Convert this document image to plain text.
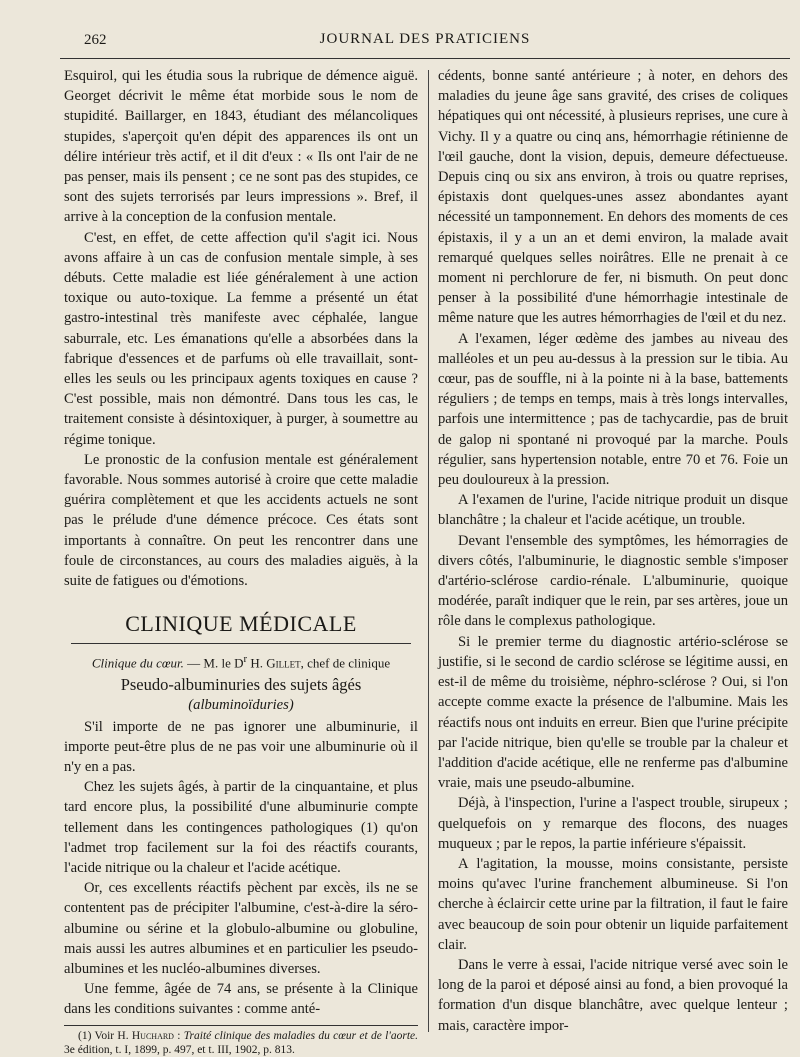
262	JOURNAL DES PRATICIENS

Esquirol, qui les étudia sous la rubrique de démence aiguë. Georget décrivit le même état morbide sous le nom de stupidité. Baillarger, en 1843, étudiant des mélancoliques stupides, s'aperçoit qu'en dépit des apparences ils ont un délire intérieur très actif, et il dit d'eux : « Ils ont l'air de ne pas penser, mais ils pensent ; ce ne sont pas des stupides, ce sont des sujets terrorisés par leurs impressions ». Bref, il arrive à la conception de la confusion mentale.

C'est, en effet, de cette affection qu'il s'agit ici. Nous avons affaire à un cas de confusion mentale simple, à ses débuts. Cette maladie est liée généralement à une action toxique ou auto-toxique. La femme a présenté un état gastro-intestinal très manifeste avec céphalée, langue saburrale, etc. Les émanations qu'elle a absorbées dans la fabrique d'essences et de parfums où elle travaillait, sont-elles les seuls ou les principaux agents toxiques en cause ? C'est possible, mais non démontré. Dans tous les cas, le traitement consiste à désintoxiquer, à purger, à soumettre au régime tonique.

Le pronostic de la confusion mentale est généralement favorable. Nous sommes autorisé à croire que cette maladie guérira complètement et que les accidents actuels ne sont pas le prélude d'une démence précoce. Ces états sont importants à connaître. On peut les rencontrer dans une foule de circonstances, au cours des maladies aiguës, à la suite de fatigues ou d'émotions.

CLINIQUE MÉDICALE
Clinique du cœur. — M. le $D^r$ H. Gillet, chef de clinique
Pseudo-albuminuries des sujets âgés
(albuminoïduries)

S'il importe de ne pas ignorer une albuminurie, il importe peut-être plus de ne pas voir une albuminurie où il n'y en a pas.

Chez les sujets âgés, à partir de la cinquantaine, et plus tard encore plus, la possibilité d'une albuminurie compte tellement dans les contingences pathologiques (1) qu'on l'admet trop facilement sur la foi des réactifs courants, l'acide nitrique ou la chaleur et l'acide acétique.

Or, ces excellents réactifs pèchent par excès, ils ne se contentent pas de précipiter l'albumine, c'est-à-dire la séro-albumine ou sérine et la globulo-albumine ou globuline, mais aussi les autres albumines et en particulier les pseudo-albumines et les nucléo-albumines diverses.

Une femme, âgée de 74 ans, se présente à la Clinique dans les conditions suivantes : comme anté-

(1) Voir H. Huchard : Traité clinique des maladies du cœur et de l'aorte. 3e édition, t. I, 1899, p. 497, et t. III, 1902, p. 813.

cédents, bonne santé antérieure ; à noter, en dehors des maladies du jeune âge sans gravité, des crises de coliques hépatiques qui ont nécessité, à plusieurs reprises, une cure à Vichy. Il y a quatre ou cinq ans, hémorrhagie rétinienne de l'œil gauche, dont la vision, depuis, demeure défectueuse. Depuis cinq ou six ans environ, à trois ou quatre reprises, épistaxis dont quelques-unes assez abondantes ayant nécessité un tamponnement. En dehors des moments de ces épistaxis, il y a un an et demi environ, la malade avait remarqué quelques selles noirâtres. Elle ne prenait à ce moment ni perchlorure de fer, ni bismuth. On peut donc penser à la possibilité d'une hémorrhagie intestinale de même nature que les autres hémorrhagies de l'œil et du nez.

A l'examen, léger œdème des jambes au niveau des malléoles et un peu au-dessus à la pression sur le tibia. Au cœur, pas de souffle, ni à la pointe ni à la base, battements réguliers ; de temps en temps, mais à très longs intervalles, parfois une intermittence ; pas de tachycardie, pas de bruit de galop ni spontané ni provoqué par la marche. Pouls régulier, sans hypertension notable, entre 70 et 76. Foie un peu douloureux à la pression.

A l'examen de l'urine, l'acide nitrique produit un disque blanchâtre ; la chaleur et l'acide acétique, un trouble.

Devant l'ensemble des symptômes, les hémorragies de divers côtés, l'albuminurie, le diagnostic semble s'imposer d'artério-sclérose cardio-rénale. L'albuminurie, quoique modérée, paraît indiquer que le rein, par ses artères, joue un rôle dans le complexus pathologique.

Si le premier terme du diagnostic artério-sclérose se justifie, si le second de cardio sclérose se légitime aussi, en est-il de même du troisième, néphro-sclérose ? Oui, si l'on accepte comme exacte la présence de l'albumine. Mais les réactifs nous ont induits en erreur. Bien que l'urine précipite par l'acide nitrique, bien qu'elle se trouble par la chaleur et l'addition d'acide acétique, elle ne renferme pas d'albumine vraie, mais une pseudo-albumine.

Déjà, à l'inspection, l'urine a l'aspect trouble, sirupeux ; quelquefois on y remarque des flocons, des nuages muqueux ; par le repos, la partie inférieure s'épaissit.

A l'agitation, la mousse, moins consistante, persiste moins qu'avec l'urine franchement albumineuse. Si l'on cherche à éclaircir cette urine par la filtration, il faut le faire avec beaucoup de soin pour obtenir un liquide parfaitement clair.

Dans le verre à essai, l'acide nitrique versé avec soin le long de la paroi et déposé ainsi au fond, a bien provoqué la formation d'un disque blanchâtre, avec quelque lenteur ; mais, caractère impor-
